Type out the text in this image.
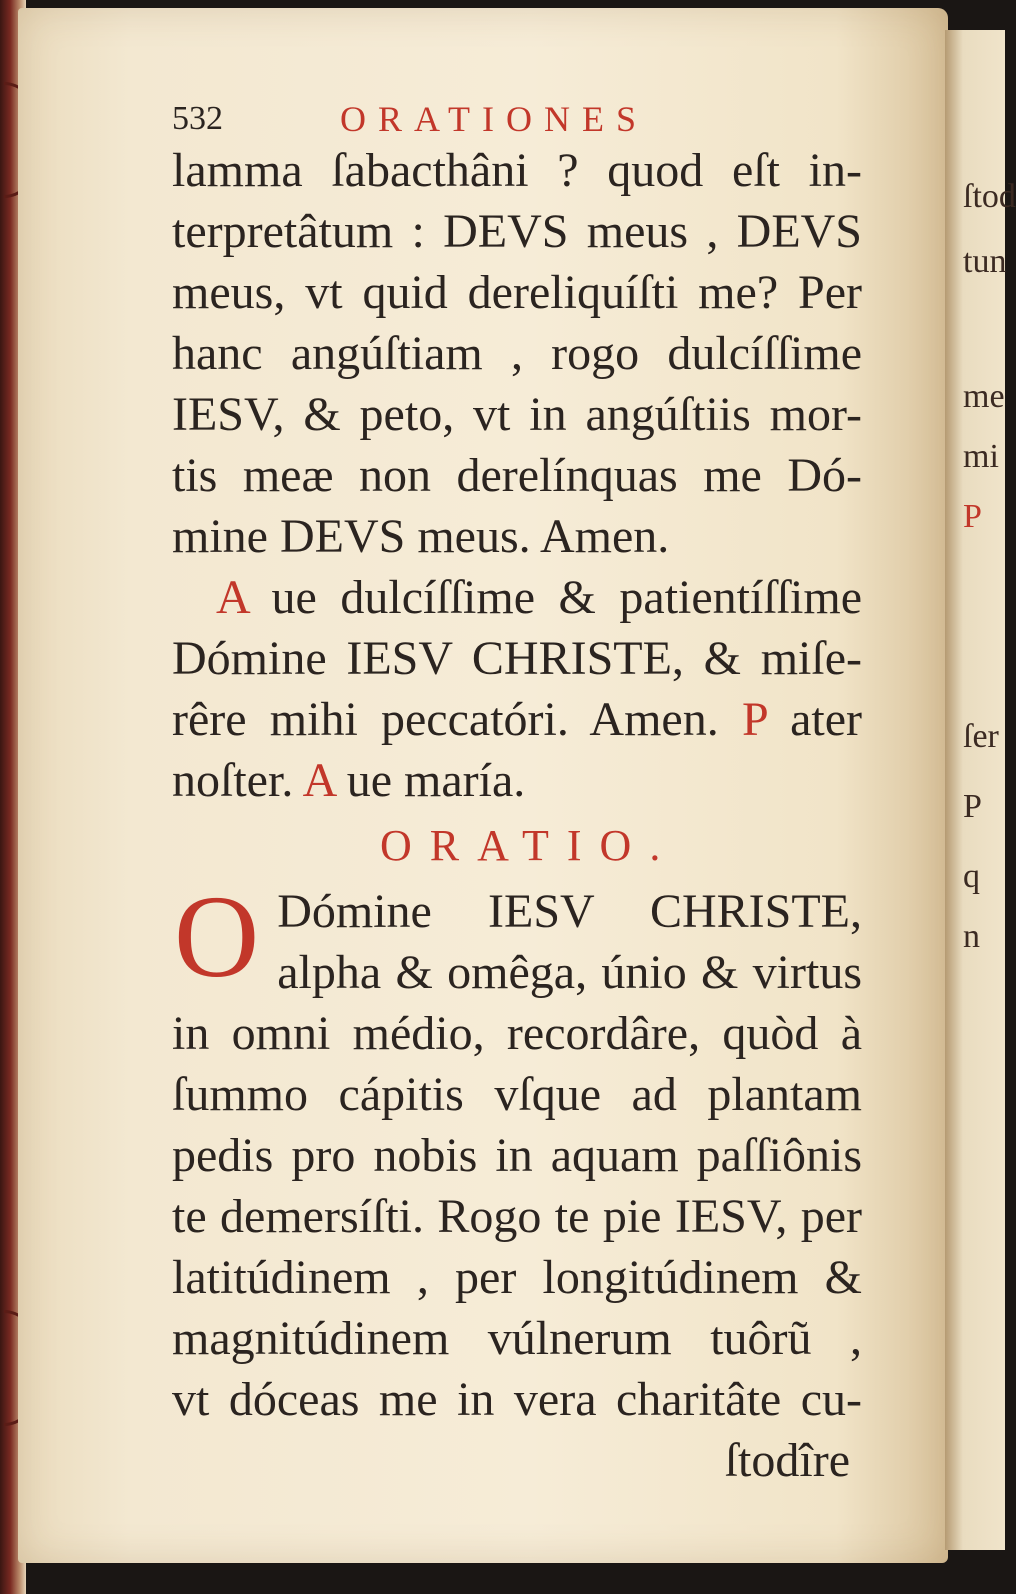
ſtod
tun
me
mi
P
ſer
P
q
n
532	ORATIONES
lamma ſabacthâni ? quod eſt in-
terpretâtum : DEVS meus , DEVS
meus, vt quid dereliquíſti me? Per
hanc angúſtiam , rogo dulcíſſime
IESV, & peto, vt in angúſtiis mor-
tis meæ non derelínquas me Dó-
mine DEVS meus. Amen.
A ue dulcíſſime & patientíſſime
Dómine IESV CHRISTE, & miſe-
rêre mihi peccatóri. Amen. P ater
noſter. A ue maría.
ORATIO.
O Dómine IESV CHRISTE,
alpha & omêga, únio & virtus
in omni médio, recordâre, quòd à
ſummo cápitis vſque ad plantam
pedis pro nobis in aquam paſſiônis
te demersíſti. Rogo te pie IESV, per
latitúdinem , per longitúdinem &
magnitúdinem vúlnerum tuôrũ ,
vt dóceas me in vera charitâte cu-
ſtodîre
